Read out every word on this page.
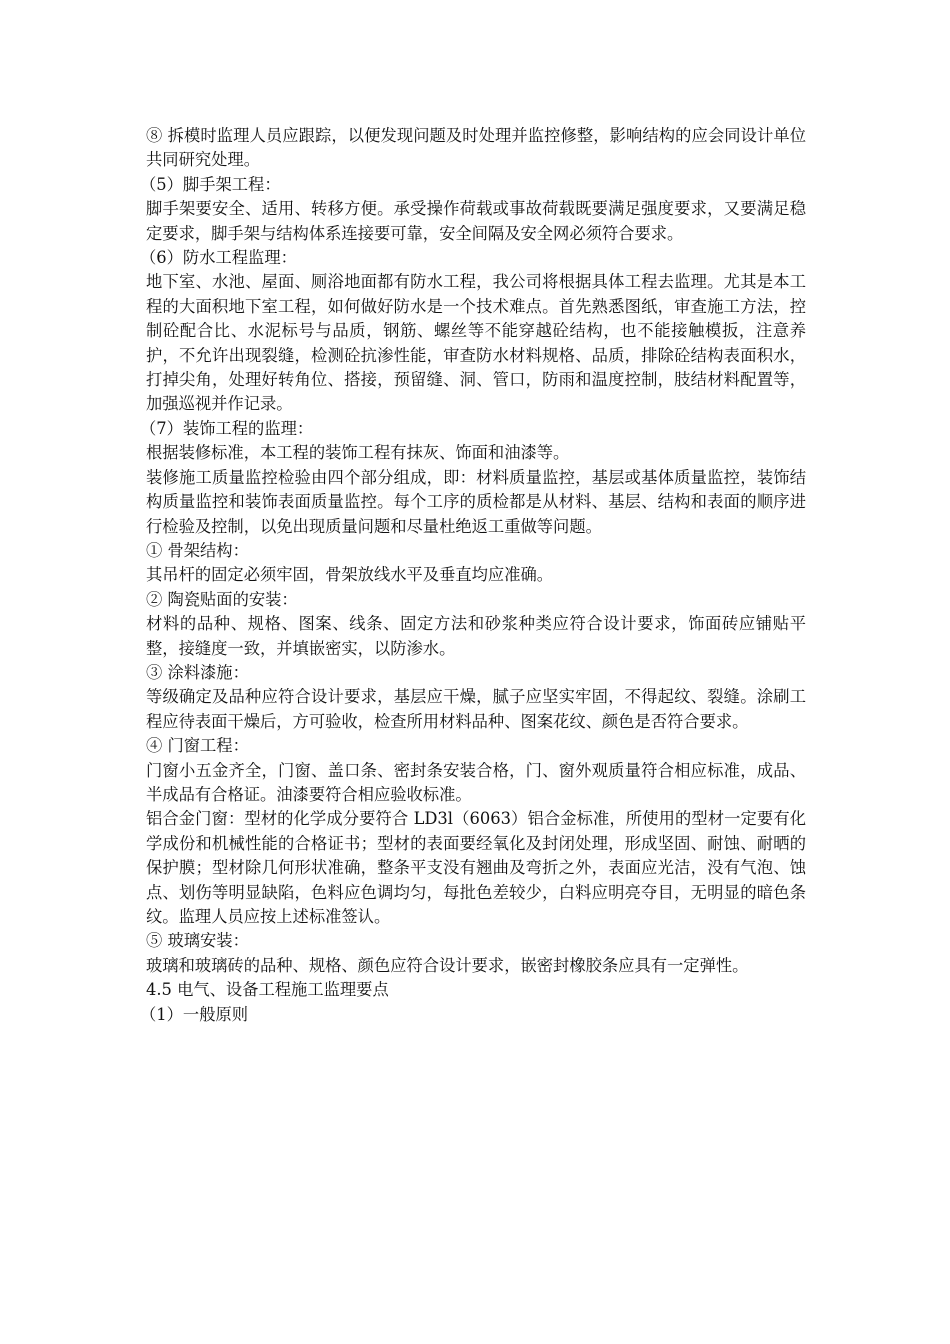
⑧ 拆模时监理人员应跟踪，以便发现问题及时处理并监控修整，影响结构的应会同设计单位共同研究处理。

（5）脚手架工程：

脚手架要安全、适用、转移方便。承受操作荷载或事故荷载既要满足强度要求，又要满足稳定要求，脚手架与结构体系连接要可靠，安全间隔及安全网必须符合要求。

（6）防水工程监理：

地下室、水池、屋面、厕浴地面都有防水工程，我公司将根据具体工程去监理。尤其是本工程的大面积地下室工程，如何做好防水是一个技术难点。首先熟悉图纸，审查施工方法，控制砼配合比、水泥标号与品质，钢筋、螺丝等不能穿越砼结构，也不能接触模扳，注意养护，不允许出现裂缝，检测砼抗渗性能，审查防水材料规格、品质，排除砼结构表面积水，打掉尖角，处理好转角位、搭接，预留缝、洞、管口，防雨和温度控制，肢结材料配置等，加强巡视并作记录。

（7）装饰工程的监理：

根据装修标准，本工程的装饰工程有抹灰、饰面和油漆等。

装修施工质量监控检验由四个部分组成，即：材料质量监控，基层或基体质量监控，装饰结构质量监控和装饰表面质量监控。每个工序的质检都是从材料、基层、结构和表面的顺序进行检验及控制，以免出现质量问题和尽量杜绝返工重做等问题。

① 骨架结构：

其吊杆的固定必须牢固，骨架放线水平及垂直均应准确。

② 陶瓷贴面的安装：

材料的品种、规格、图案、线条、固定方法和砂浆种类应符合设计要求，饰面砖应铺贴平整，接缝度一致，并填嵌密实，以防渗水。

③ 涂料漆施：

等级确定及品种应符合设计要求，基层应干燥，腻子应坚实牢固，不得起纹、裂缝。涂刷工程应待表面干燥后，方可验收，检查所用材料品种、图案花纹、颜色是否符合要求。

④ 门窗工程：

门窗小五金齐全，门窗、盖口条、密封条安装合格，门、窗外观质量符合相应标准，成品、半成品有合格证。油漆要符合相应验收标准。

铝合金门窗：型材的化学成分要符合 LD3l（6063）铝合金标准，所使用的型材一定要有化学成份和机械性能的合格证书；型材的表面要经氧化及封闭处理，形成坚固、耐蚀、耐晒的保护膜；型材除几何形状准确，整条平支没有翘曲及弯折之外，表面应光洁，没有气泡、蚀点、划伤等明显缺陷，色料应色调均匀，每批色差较少，白料应明亮夺目，无明显的暗色条纹。监理人员应按上述标准签认。

⑤ 玻璃安装：

玻璃和玻璃砖的品种、规格、颜色应符合设计要求，嵌密封橡胶条应具有一定弹性。

4.5 电气、设备工程施工监理要点

（1）一般原则
